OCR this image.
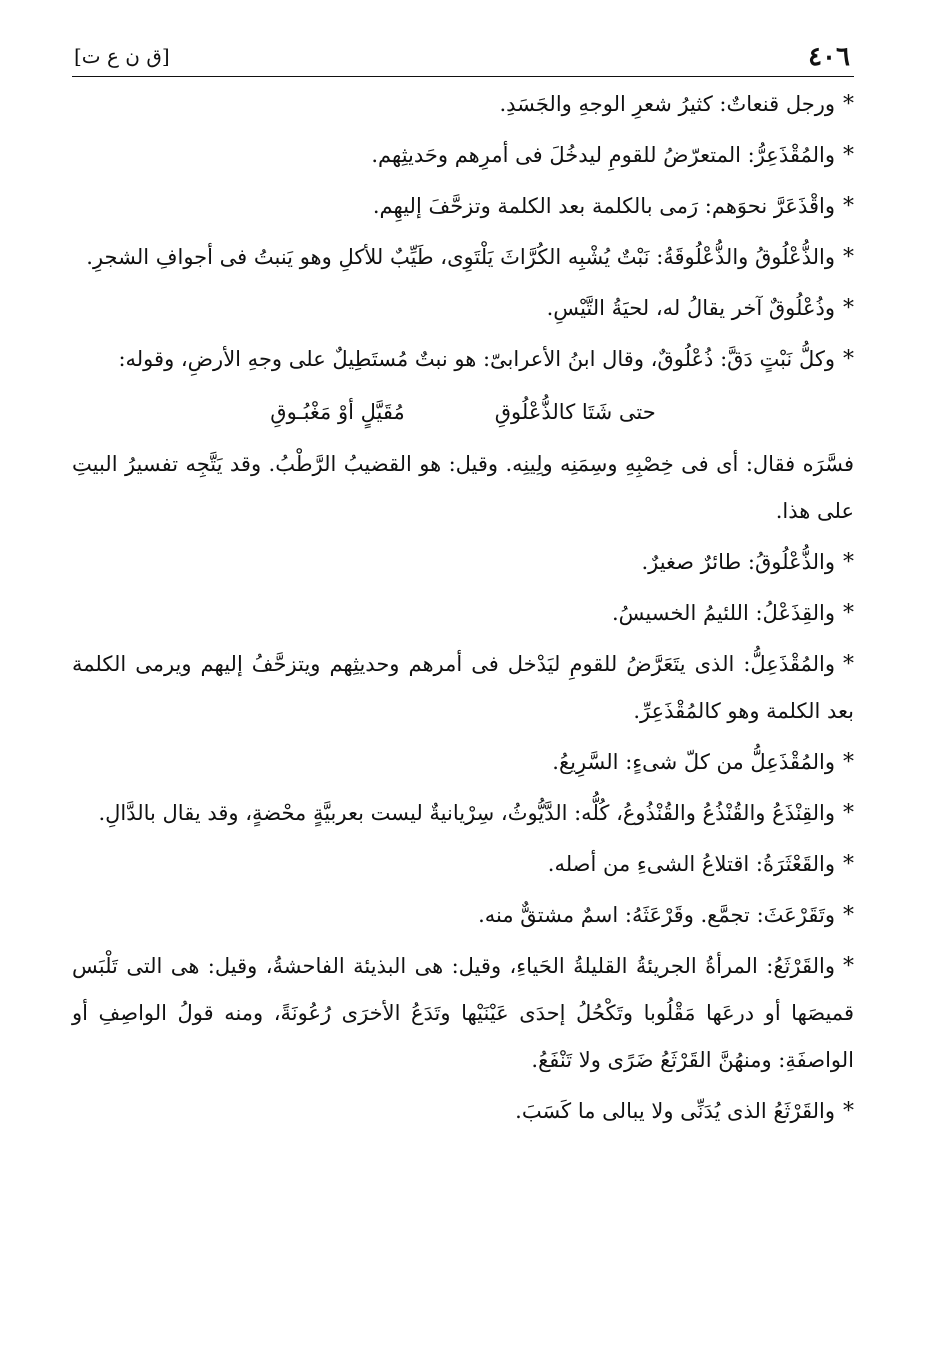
٤٠٦
[ق ن ع ت]

*ورجل قنعاتٌ: كثيرُ شعرِ الوجهِ والجَسَدِ.

*والمُقْذَعِرُّ: المتعرّضُ للقومِ ليدخُلَ فى أمرِهم وحَديثِهم.

*واقْذَعَرَّ نحوَهم: رَمى بالكلمة بعد الكلمة وتزحَّفَ إليهِم.

*والذُّعْلُوقُ والذُّعْلُوقَةُ: نَبْتٌ يُشْبِه الكُرَّاثَ يَلْتَوِى، طَيِّبٌ للأكلِ وهو يَنبتُ فى أجوافِ الشجرِ.

*وذُعْلُوقٌ آخر يقالُ له، لحيَةُ التَّيْسِ.

*وكلُّ نَبْتٍ دَقَّ: ذُعْلُوقٌ، وقال ابنُ الأعرابىّ: هو نبتٌ مُستَطِيلٌ على وجهِ الأرضِ، وقوله:

حتى شَتَا كالذُّعْلُوقِ
مُقَيَّلٍ أوْ مَغْبُـوقِ

فسَّرَه فقال: أى فى خِصْبِهِ وسِمَنِه ولِينِه. وقيل: هو القضيبُ الرَّطْبُ. وقد يَتَّجِه تفسيرُ البيتِ على هذا.

*والذُّعْلُوقُ: طائرٌ صغيرٌ.

*والقِذَعْلُ: اللئيمُ الخسيسُ.

*والمُقْذَعِلُّ: الذى يتَعَرَّضُ للقومِ ليَدْخل فى أمرهم وحديثِهم ويتزحَّفُ إليهم ويرمى الكلمة بعد الكلمة وهو كالمُقْذَعِرِّ.

*والمُقْذَعِلُّ من كلّ شىءٍ: السَّرِيعُ.

*والقِنْذَعُ والقُنْذُعُ والقُنْذُوعُ، كُلُّه: الدَّيُّوثُ، سِرْيانيةٌ ليست بعربيَّةٍ محْضةٍ، وقد يقال بالدَّالِ.

*والقَعْثَرَةُ: اقتلاعُ الشىءِ من أصله.

*وتَقَرْعَثَ: تجمَّع. وقَرْعَثَهُ: اسمٌ مشتقٌّ منه.

*والقَرْثَعُ: المرأةُ الجريئةُ القليلةُ الحَياءِ، وقيل: هى البذيئة الفاحشةُ، وقيل: هى التى تَلْبَس قميصَها أو درعَها مَقْلُوبا وتَكْحُلُ إحدَى عَيْنَيْها وتَدَعُ الأخرَى رُعُونَةً، ومنه قولُ الواصِفِ أو الواصفَةِ: ومنهُنَّ القَرْثَعُ ضَرًى ولا تَنْفَعُ.

*والقَرْثَعُ الذى يُدَنِّى ولا يبالى ما كَسَبَ.
